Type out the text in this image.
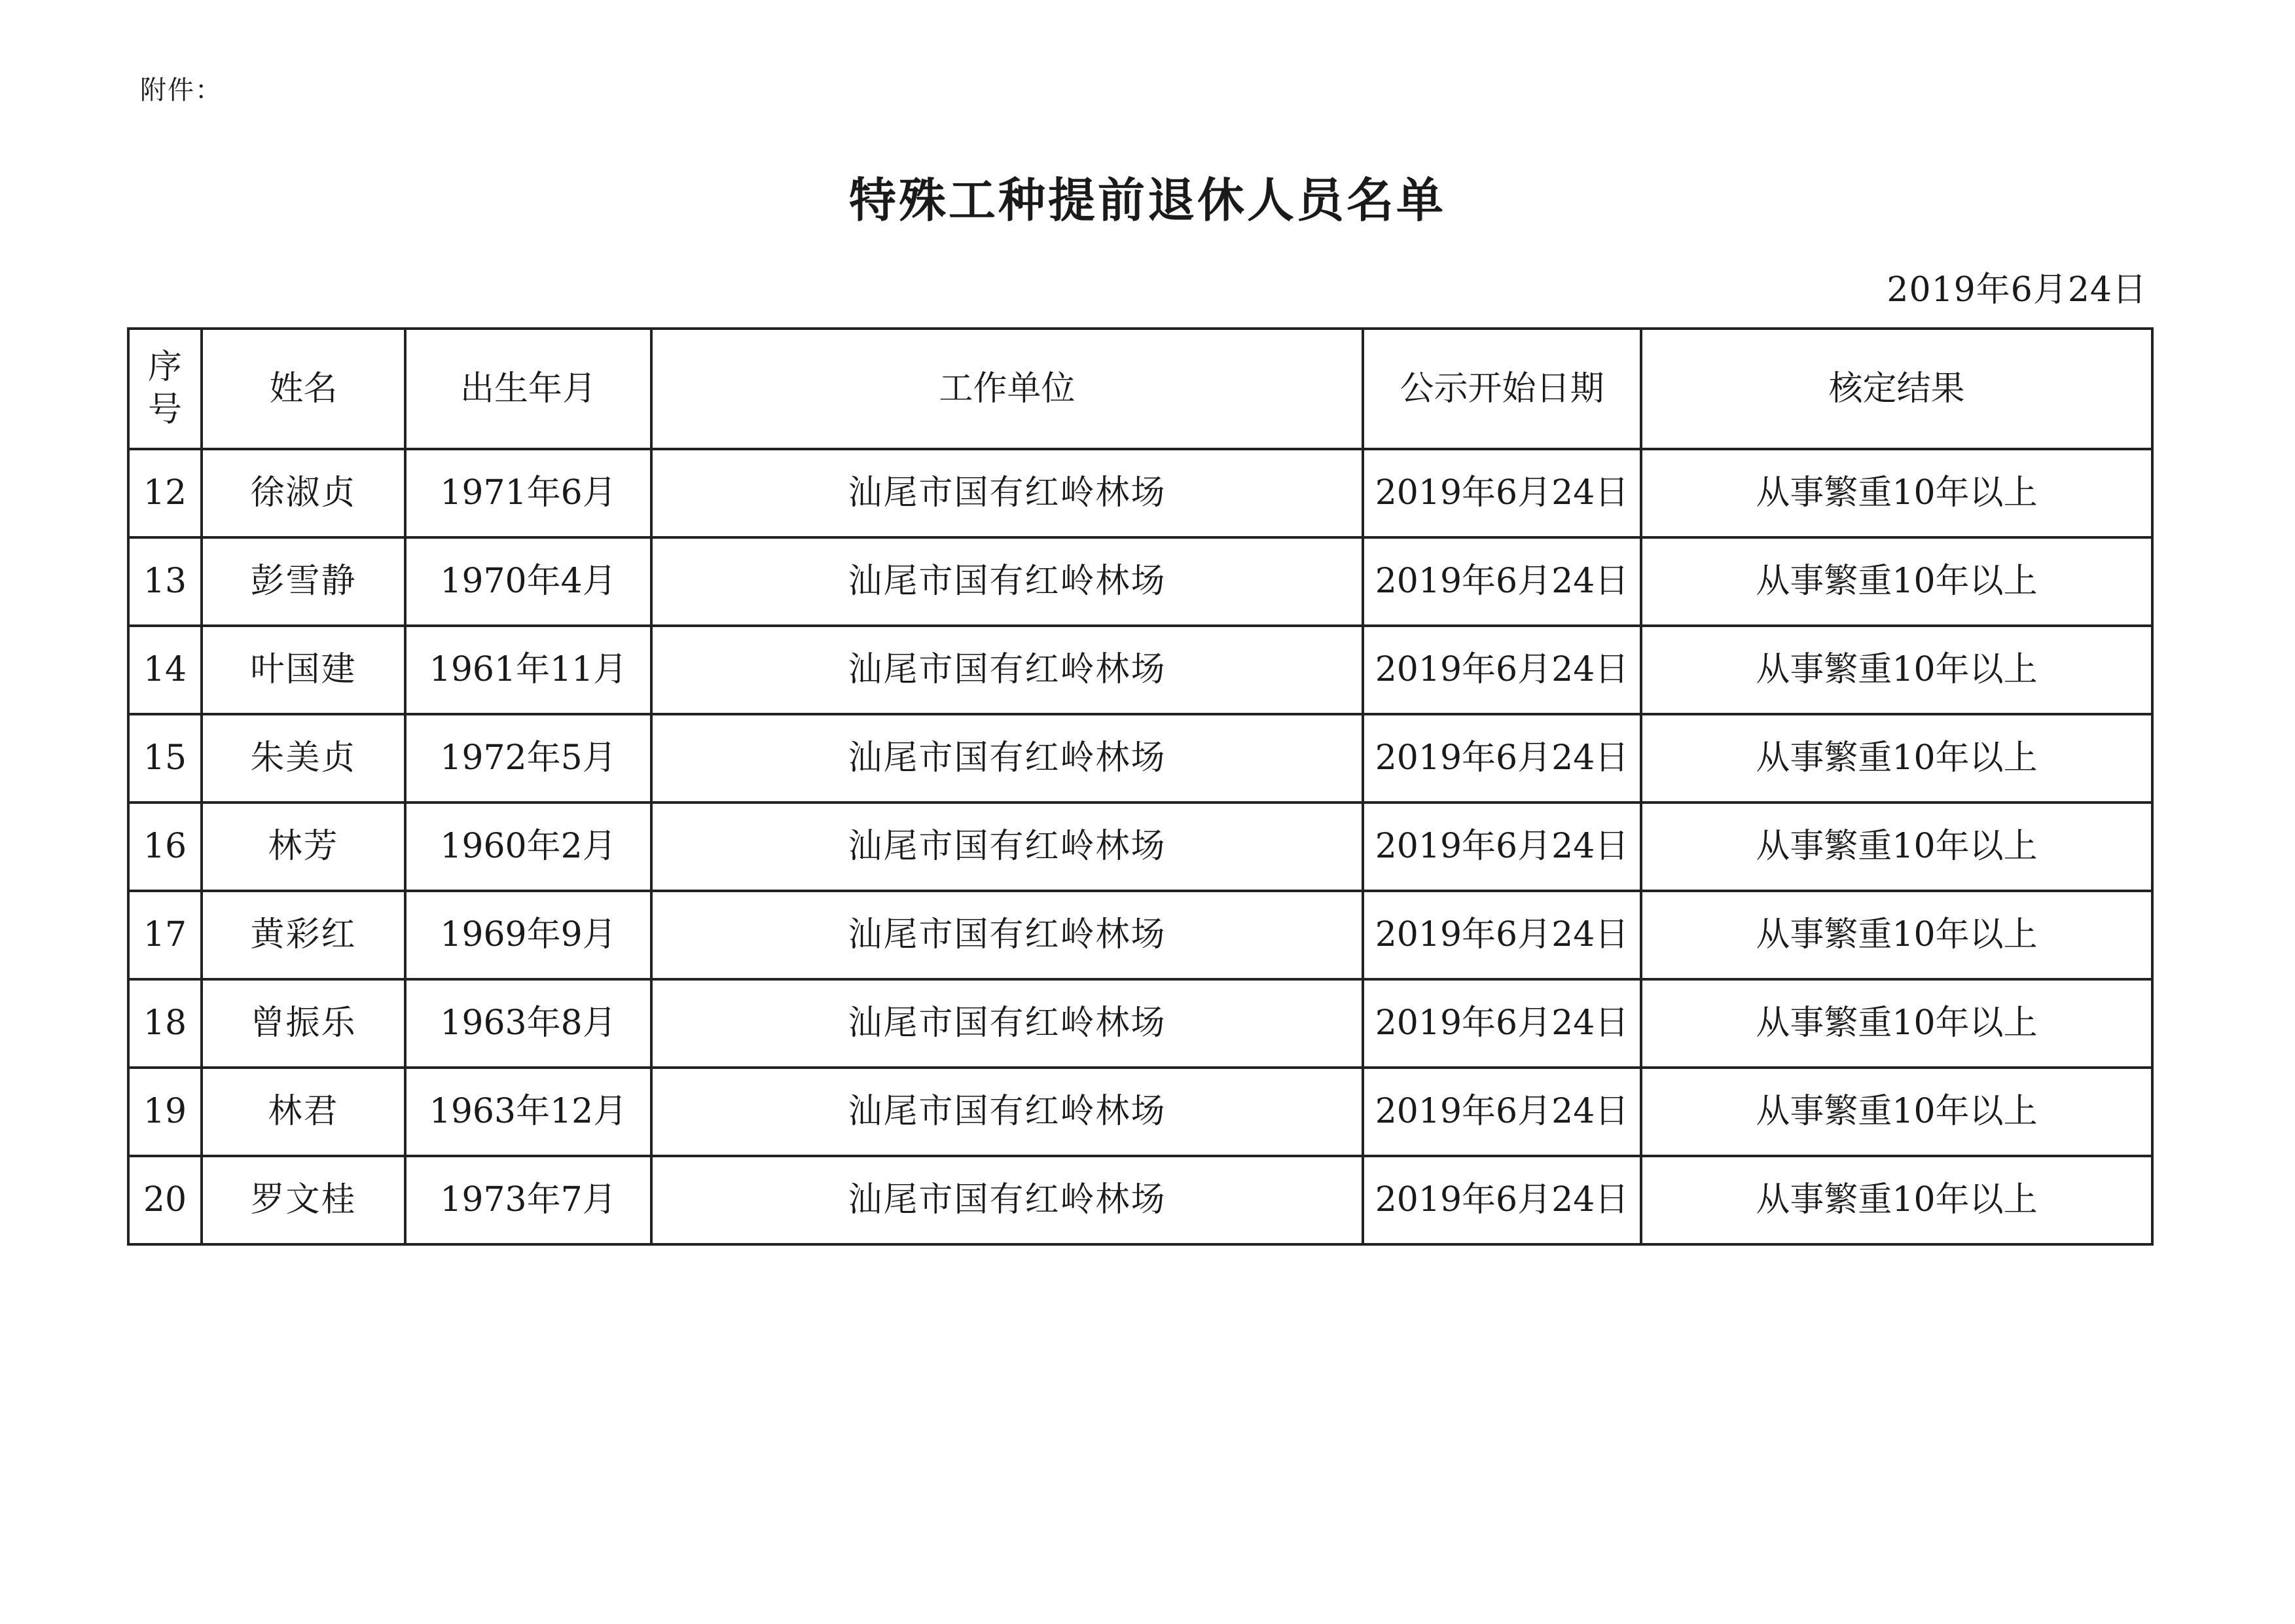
附件：
特殊工种提前退休人员名单
2019年6月24日
序
号	姓名	出生年月	工作单位	公示开始日期	核定结果
12	徐淑贞	1971年6月	汕尾市国有红岭林场	2019年6月24日	从事繁重10年以上
13	彭雪静	1970年4月	汕尾市国有红岭林场	2019年6月24日	从事繁重10年以上
14	叶国建	1961年11月	汕尾市国有红岭林场	2019年6月24日	从事繁重10年以上
15	朱美贞	1972年5月	汕尾市国有红岭林场	2019年6月24日	从事繁重10年以上
16	林芳	1960年2月	汕尾市国有红岭林场	2019年6月24日	从事繁重10年以上
17	黄彩红	1969年9月	汕尾市国有红岭林场	2019年6月24日	从事繁重10年以上
18	曾振乐	1963年8月	汕尾市国有红岭林场	2019年6月24日	从事繁重10年以上
19	林君	1963年12月	汕尾市国有红岭林场	2019年6月24日	从事繁重10年以上
20	罗文桂	1973年7月	汕尾市国有红岭林场	2019年6月24日	从事繁重10年以上
